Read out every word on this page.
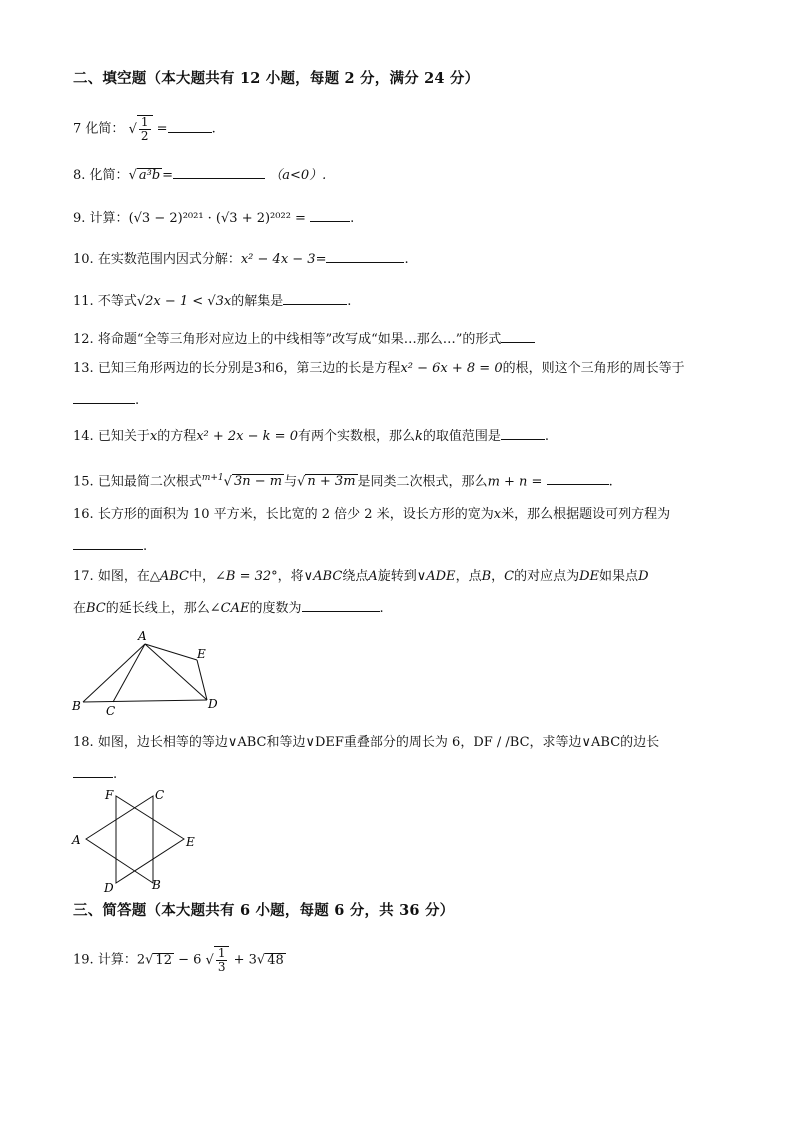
二、填空题（本大题共有 12 小题，每题 2 分，满分 24 分）
7 化简： √ $\frac{1}{2}$ =	.
8. 化简：√ a³b =	（a<0）.
9. 计算：(√3 − 2)²⁰²¹ · (√3 + 2)²⁰²² =	.
10. 在实数范围内因式分解：x² − 4x − 3=	.
11. 不等式√2x − 1 < √3x的解集是	.
12. 将命题“全等三角形对应边上的中线相等”改写成“如果…那么…”的形式
13. 已知三角形两边的长分别是3和6，第三边的长是方程x² − 6x + 8 = 0的根，则这个三角形的周长等于
.
14. 已知关于x的方程x² + 2x − k = 0有两个实数根，那么k的取值范围是	.
15. 已知最简二次根式$^{m+1}$√ 3n − m 与√ n + 3m 是同类二次根式，那么m + n =	.
16. 长方形的面积为 10 平方米，长比宽的 2 倍少 2 米，设长方形的宽为x米，那么根据题设可列方程为
.
17. 如图，在△ABC中，∠B = 32°，将∨ABC绕点A旋转到∨ADE，点B，C的对应点为DE如果点D
在BC的延长线上，那么∠CAE的度数为	.
A
B C	D
E
18. 如图，边长相等的等边∨ABC和等边∨DEF重叠部分的周长为 6，DF / /BC，求等边∨ABC的边长
.
A
B
C
D
E
F
三、简答题（本大题共有 6 小题，每题 6 分，共 36 分）
19. 计算：2√ 12 − 6 √ $\frac{1}{3} + 3√$ 48
